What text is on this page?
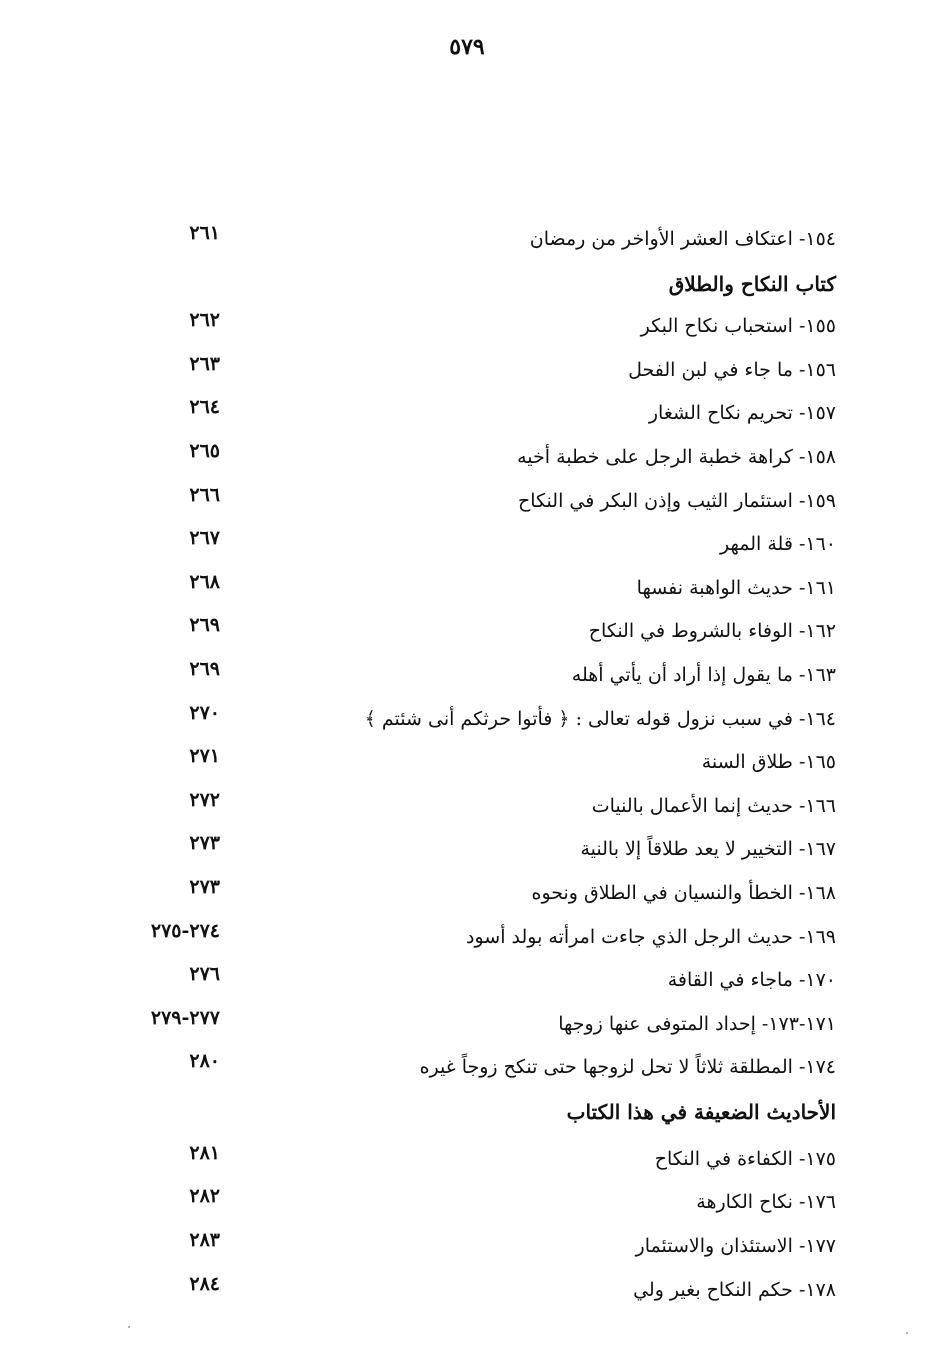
٥٧٩
١٥٤- اعتكاف العشر الأواخر من رمضان
٢٦١
كتاب النكاح والطلاق
١٥٥- استحباب نكاح البكر
٢٦٢
١٥٦- ما جاء في لبن الفحل
٢٦٣
١٥٧- تحريم نكاح الشغار
٢٦٤
١٥٨- كراهة خطبة الرجل على خطبة أخيه
٢٦٥
١٥٩- استئمار الثيب وإذن البكر في النكاح
٢٦٦
١٦٠- قلة المهر
٢٦٧
١٦١- حديث الواهبة نفسها
٢٦٨
١٦٢- الوفاء بالشروط في النكاح
٢٦٩
١٦٣- ما يقول إذا أراد أن يأتي أهله
٢٦٩
١٦٤- في سبب نزول قوله تعالى : ﴿ فأتوا حرثكم أنى شئتم ﴾
٢٧٠
١٦٥- طلاق السنة
٢٧١
١٦٦- حديث إنما الأعمال بالنيات
٢٧٢
١٦٧- التخيير لا يعد طلاقاً إلا بالنية
٢٧٣
١٦٨- الخطأ والنسيان في الطلاق ونحوه
٢٧٣
١٦٩- حديث الرجل الذي جاءت امرأته بولد أسود
٢٧٤-٢٧٥
١٧٠- ماجاء في القافة
٢٧٦
١٧١-١٧٣- إحداد المتوفى عنها زوجها
٢٧٧-٢٧٩
١٧٤- المطلقة ثلاثاً لا تحل لزوجها حتى تنكح زوجاً غيره
٢٨٠
الأحاديث الضعيفة في هذا الكتاب
١٧٥- الكفاءة في النكاح
٢٨١
١٧٦- نكاح الكارهة
٢٨٢
١٧٧- الاستئذان والاستئمار
٢٨٣
١٧٨- حكم النكاح بغير ولي
٢٨٤
